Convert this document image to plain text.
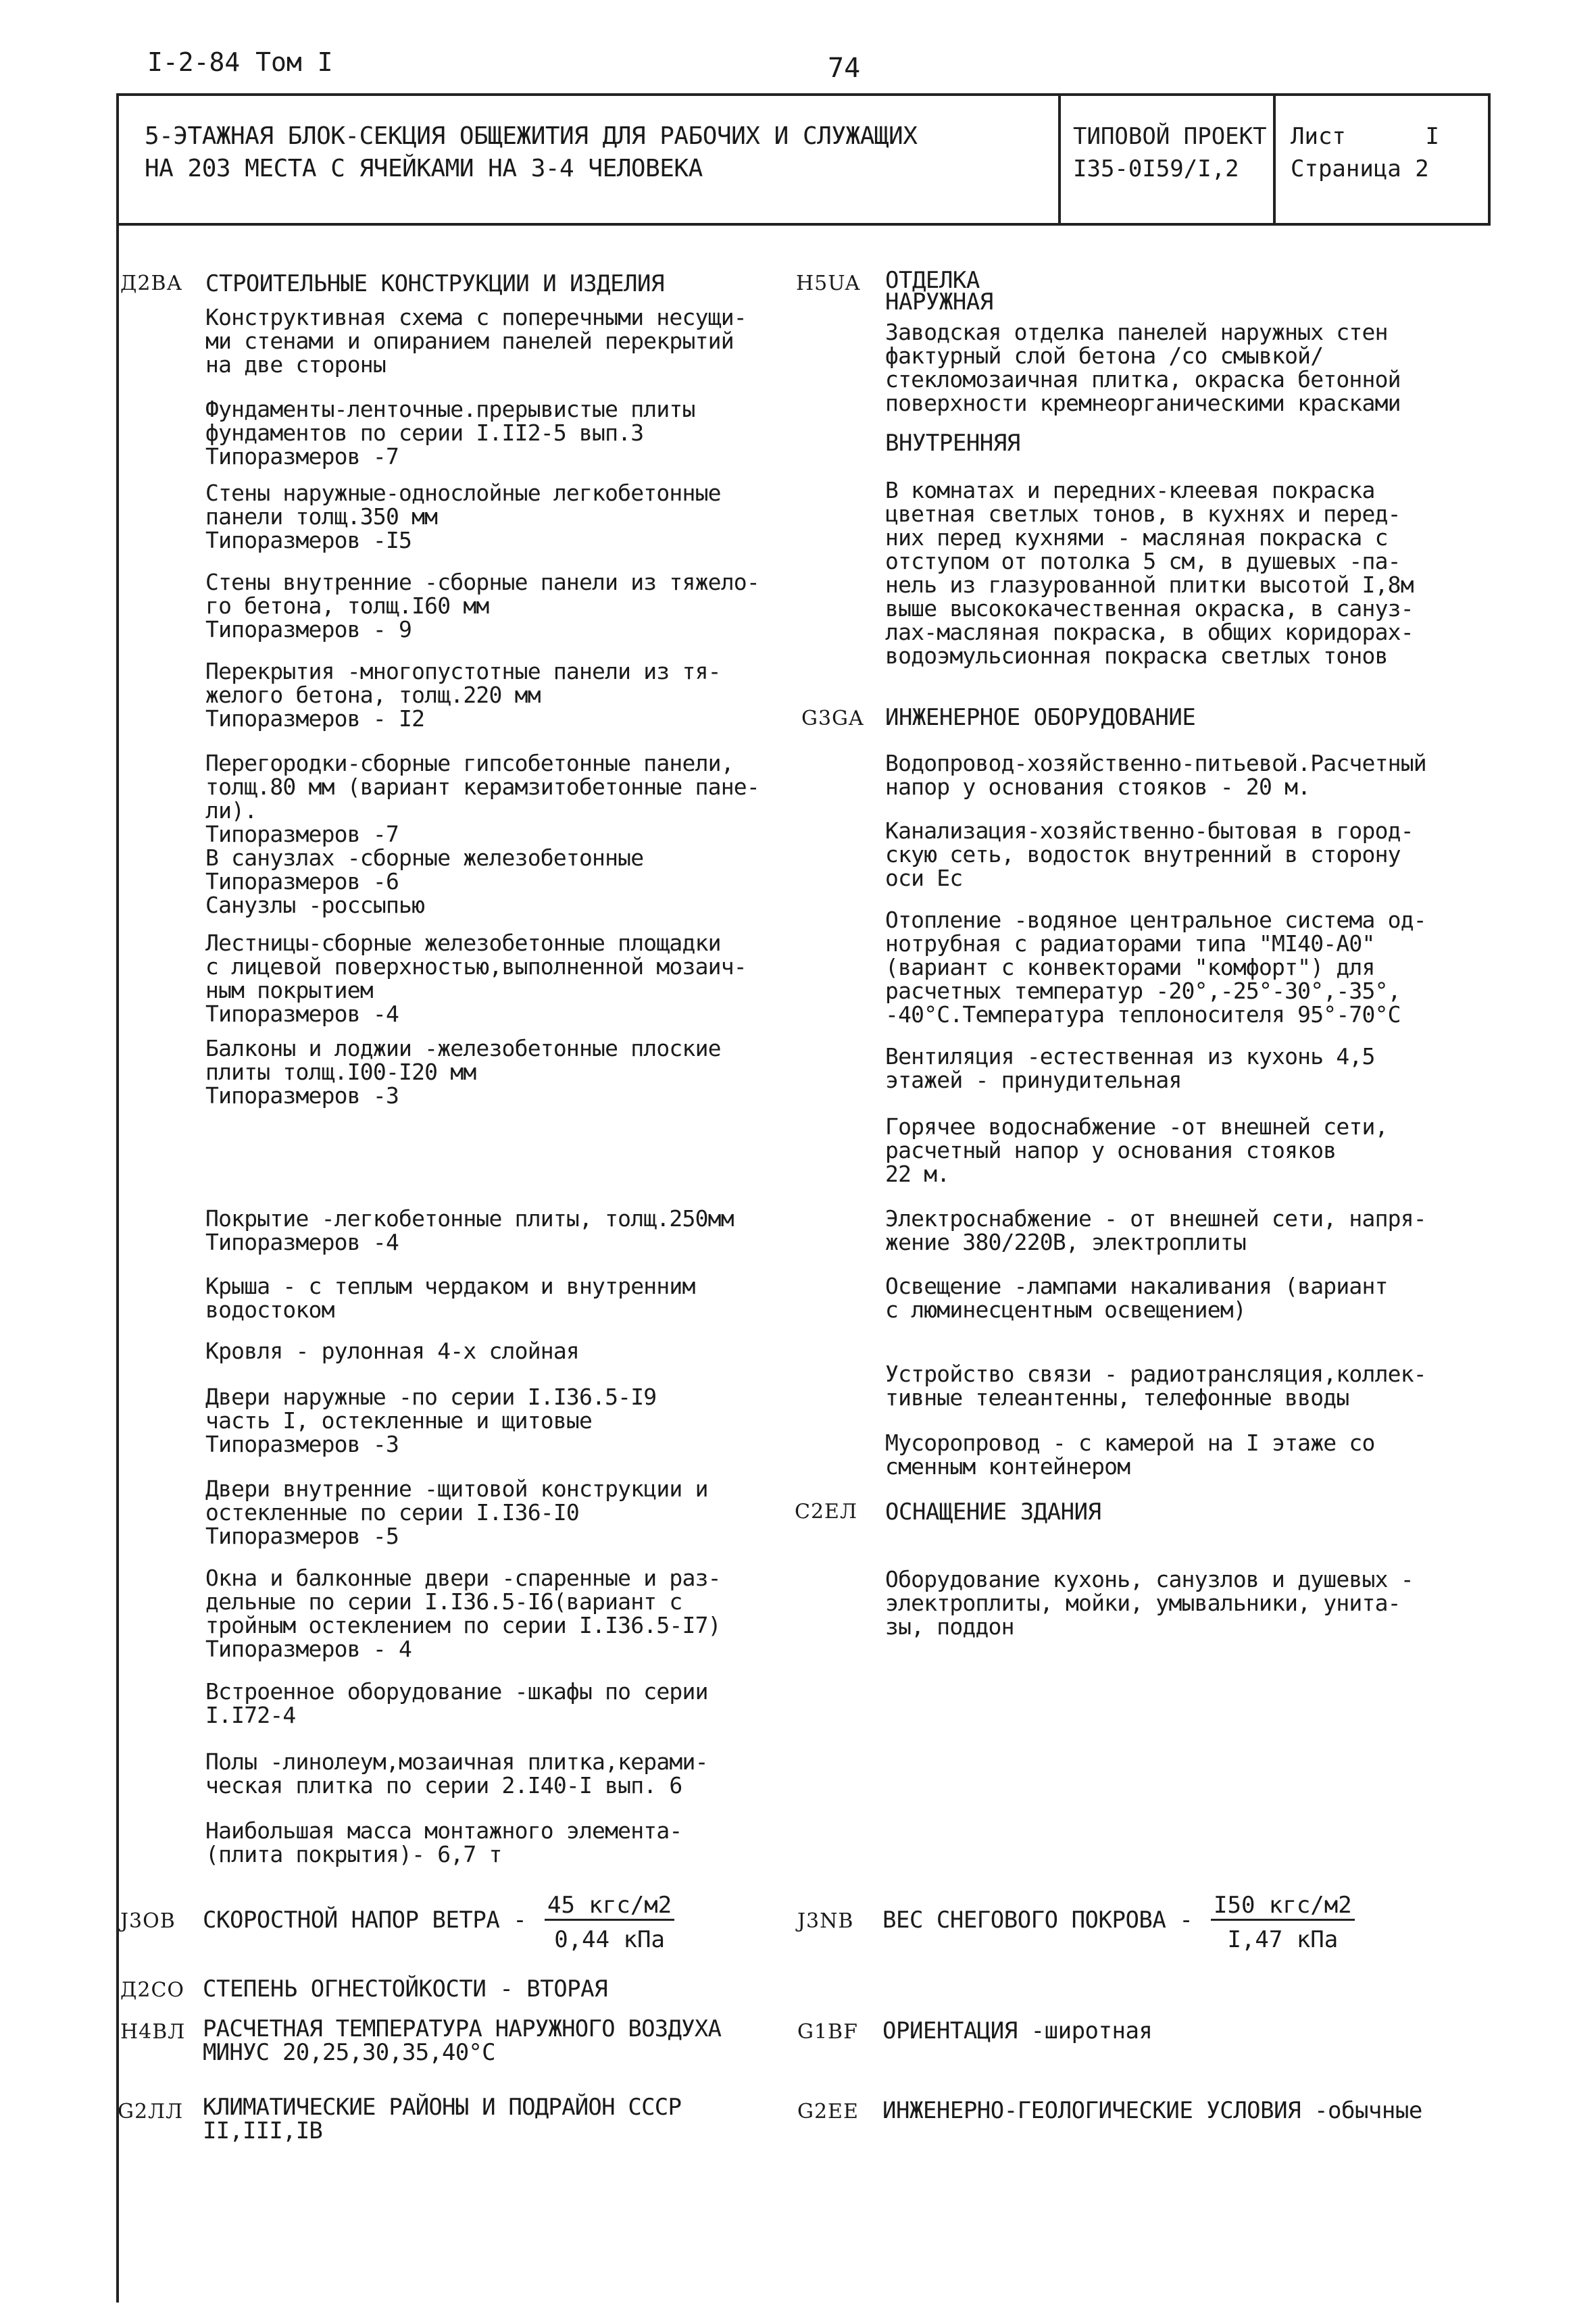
I-2-84 Том I	74
5-ЭТАЖНАЯ БЛОК-СЕКЦИЯ ОБЩЕЖИТИЯ ДЛЯ РАБОЧИХ И СЛУЖАЩИХ
НА 203 МЕСТА С ЯЧЕЙКАМИ НА 3-4 ЧЕЛОВЕКА
ТИПОВОЙ ПРОЕКТ
I35-0I59/I,2
Лист	I
Страница 2
Д2ВА СТРОИТЕЛЬНЫЕ КОНСТРУКЦИИ И ИЗДЕЛИЯ
Конструктивная схема с поперечными несущи-
ми стенами и опиранием панелей перекрытий
на две стороны
Фундаменты-ленточные.прерывистые плиты
фундаментов по серии I.II2-5 вып.3
Типоразмеров -7
Стены наружные-однослойные легкобетонные
панели толщ.350 мм
Типоразмеров -I5
Стены внутренние -сборные панели из тяжело-
го бетона, толщ.I60 мм
Типоразмеров - 9
Перекрытия -многопустотные панели из тя-
желого бетона, толщ.220 мм
Типоразмеров - I2
Перегородки-сборные гипсобетонные панели,
толщ.80 мм (вариант керамзитобетонные пане-
ли).
Типоразмеров -7
В санузлах -сборные железобетонные
Типоразмеров -6
Санузлы -россыпью
Лестницы-сборные железобетонные площадки
с лицевой поверхностью,выполненной мозаич-
ным покрытием
Типоразмеров -4
Балконы и лоджии -железобетонные плоские
плиты толщ.I00-I20 мм
Типоразмеров -3
Покрытие -легкобетонные плиты, толщ.250мм
Типоразмеров -4
Крыша - с теплым чердаком и внутренним
водостоком
Кровля - рулонная 4-х слойная
Двери наружные -по серии I.I36.5-I9
часть I, остекленные и щитовые
Типоразмеров -3
Двери внутренние -щитовой конструкции и
остекленные по серии I.I36-I0
Типоразмеров -5
Окна и балконные двери -спаренные и раз-
дельные по серии I.I36.5-I6(вариант с
тройным остеклением по серии I.I36.5-I7)
Типоразмеров - 4
Встроенное оборудование -шкафы по серии
I.I72-4
Полы -линолеум,мозаичная плитка,керами-
ческая плитка по серии 2.I40-I вып. 6
Наибольшая масса монтажного элемента-
(плита покрытия)- 6,7 т
Н5UA ОТДЕЛКА
НАРУЖНАЯ
Заводская отделка панелей наружных стен
фактурный слой бетона /со смывкой/
стекломозаичная плитка, окраска бетонной
поверхности кремнеорганическими красками
ВНУТРЕННЯЯ
В комнатах и передних-клеевая покраска
цветная светлых тонов, в кухнях и перед-
них перед кухнями - масляная покраска с
отступом от потолка 5 см, в душевых -па-
нель из глазурованной плитки высотой I,8м
выше высококачественная окраска, в сануз-
лах-масляная покраска, в общих коридорах-
водоэмульсионная покраска светлых тонов
G3GA ИНЖЕНЕРНОЕ ОБОРУДОВАНИЕ
Водопровод-хозяйственно-питьевой.Расчетный
напор у основания стояков - 20 м.
Канализация-хозяйственно-бытовая в город-
скую сеть, водосток внутренний в сторону
оси Ес
Отопление -водяное центральное система од-
нотрубная с радиаторами типа "МI40-А0"
(вариант с конвекторами "комфорт") для
расчетных температур -20°,-25°-30°,-35°,
-40°С.Температура теплоносителя 95°-70°С
Вентиляция -естественная из кухонь 4,5
этажей - принудительная
Горячее водоснабжение -от внешней сети,
расчетный напор у основания стояков
22 м.
Электроснабжение - от внешней сети, напря-
жение 380/220В, электроплиты
Освещение -лампами накаливания (вариант
с люминесцентным освещением)
Устройство связи - радиотрансляция,коллек-
тивные телеантенны, телефонные вводы
Мусоропровод - с камерой на I этаже со
сменным контейнером
С2ЕЛ ОСНАЩЕНИЕ ЗДАНИЯ
Оборудование кухонь, санузлов и душевых -
электроплиты, мойки, умывальники, унита-
зы, поддон
J3OB СКОРОСТНОЙ НАПОР ВЕТРА -
45 кгс/м2
0,44 кПа
J3NB ВЕС СНЕГОВОГО ПОКРОВА -
I50 кгс/м2
I,47 кПа
Д2СО СТЕПЕНЬ ОГНЕСТОЙКОСТИ - ВТОРАЯ
Н4ВЛ РАСЧЕТНАЯ ТЕМПЕРАТУРА НАРУЖНОГО ВОЗДУХА
МИНУС 20,25,30,35,40°С
G1BF ОРИЕНТАЦИЯ -широтная
G2ЛЛ КЛИМАТИЧЕСКИЕ РАЙОНЫ И ПОДРАЙОН СССР
II,III,IВ
G2EE ИНЖЕНЕРНО-ГЕОЛОГИЧЕСКИЕ УСЛОВИЯ -обычные
